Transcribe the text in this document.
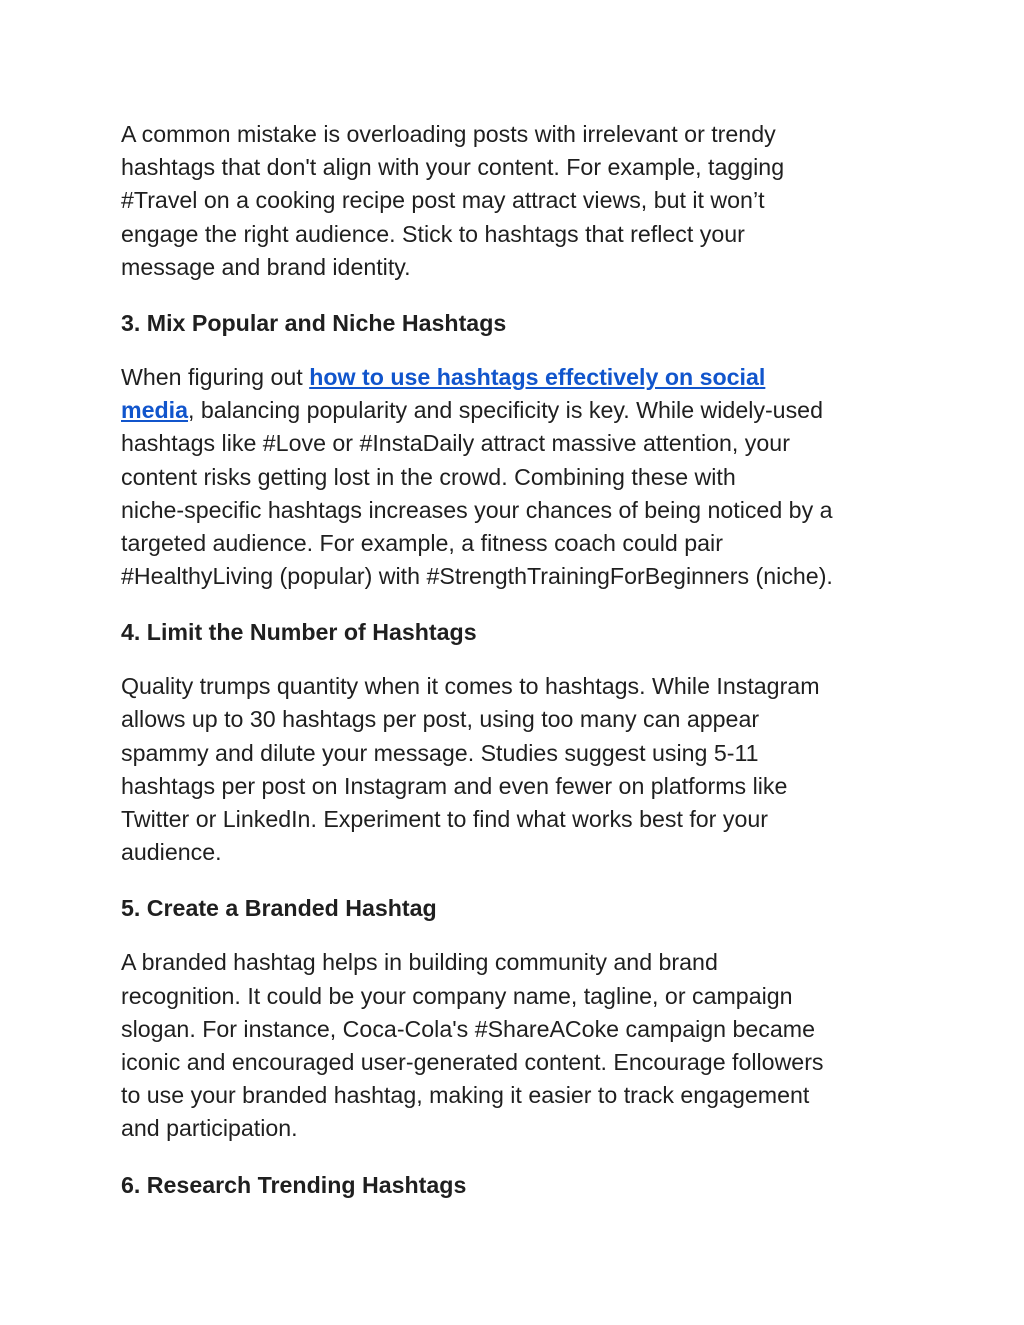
A common mistake is overloading posts with irrelevant or trendy
hashtags that don't align with your content. For example, tagging
#Travel on a cooking recipe post may attract views, but it won’t
engage the right audience. Stick to hashtags that reflect your
message and brand identity.

3. Mix Popular and Niche Hashtags

When figuring out how to use hashtags effectively on social
media, balancing popularity and specificity is key. While widely-used
hashtags like #Love or #InstaDaily attract massive attention, your
content risks getting lost in the crowd. Combining these with
niche-specific hashtags increases your chances of being noticed by a
targeted audience. For example, a fitness coach could pair
#HealthyLiving (popular) with #StrengthTrainingForBeginners (niche).

4. Limit the Number of Hashtags

Quality trumps quantity when it comes to hashtags. While Instagram
allows up to 30 hashtags per post, using too many can appear
spammy and dilute your message. Studies suggest using 5-11
hashtags per post on Instagram and even fewer on platforms like
Twitter or LinkedIn. Experiment to find what works best for your
audience.

5. Create a Branded Hashtag

A branded hashtag helps in building community and brand
recognition. It could be your company name, tagline, or campaign
slogan. For instance, Coca-Cola's #ShareACoke campaign became
iconic and encouraged user-generated content. Encourage followers
to use your branded hashtag, making it easier to track engagement
and participation.

6. Research Trending Hashtags
